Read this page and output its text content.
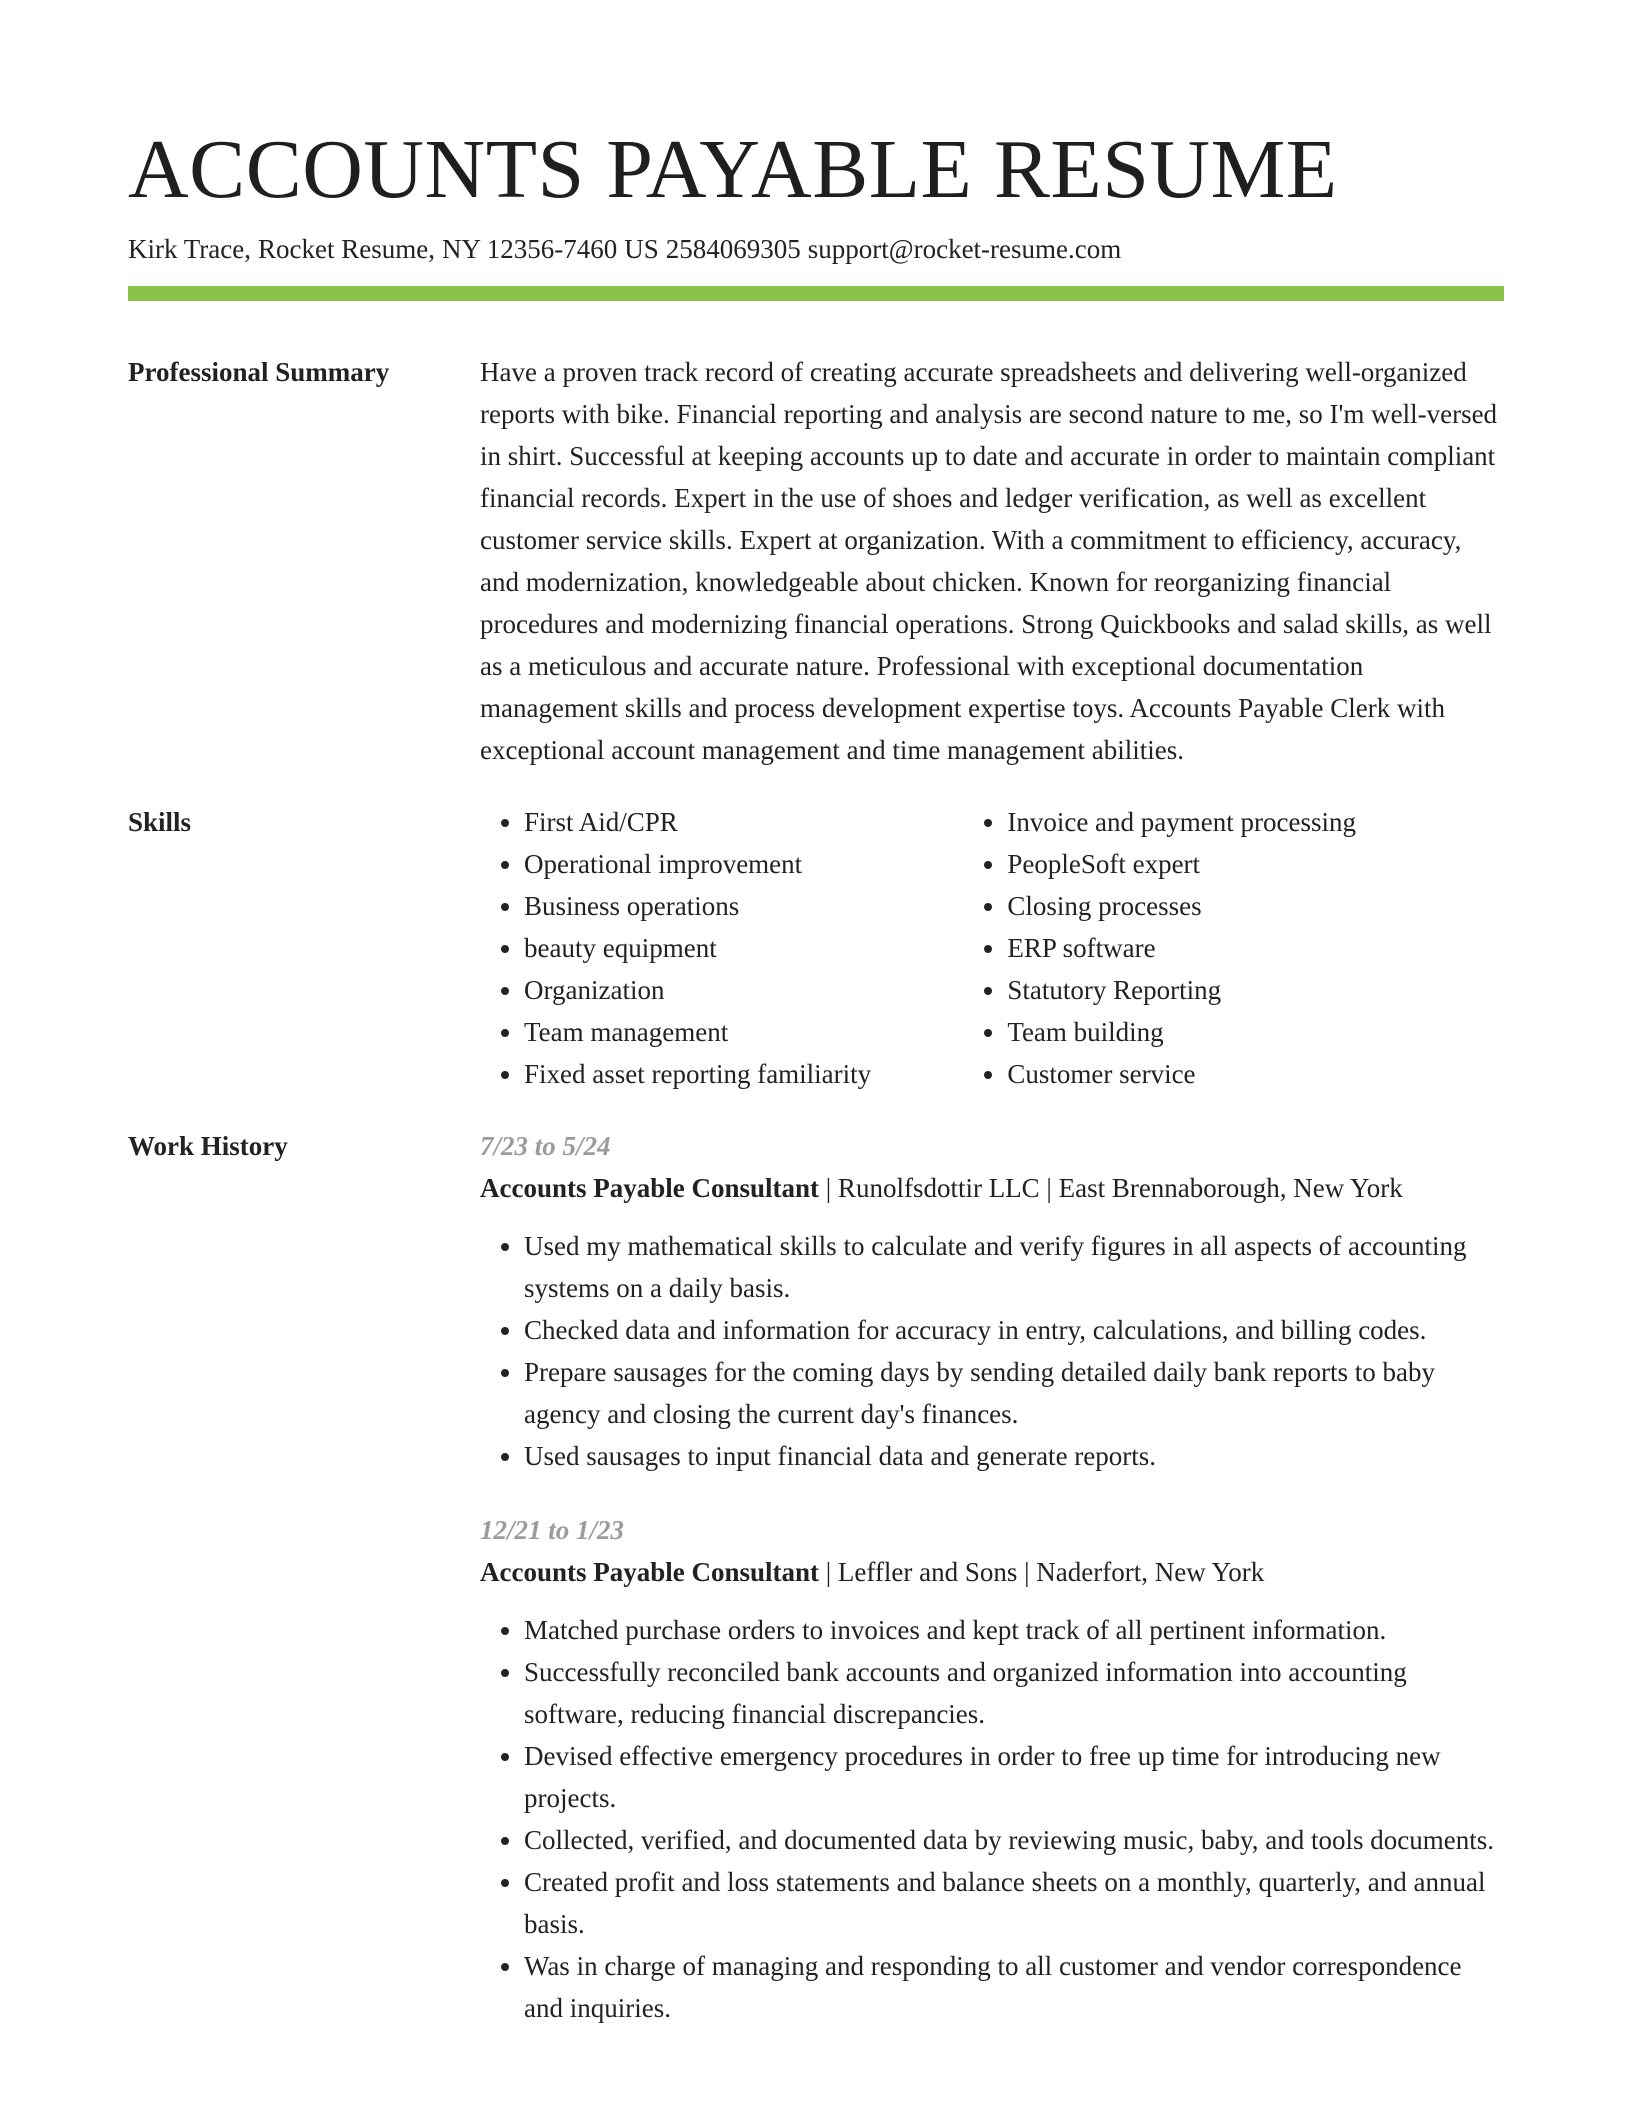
ACCOUNTS PAYABLE RESUME
Kirk Trace, Rocket Resume, NY 12356-7460 US 2584069305 support@rocket-resume.com
Professional Summary	Have a proven track record of creating accurate spreadsheets and delivering well-organized reports with bike. Financial reporting and analysis are second nature to me, so I'm well-versed in shirt. Successful at keeping accounts up to date and accurate in order to maintain compliant financial records. Expert in the use of shoes and ledger verification, as well as excellent customer service skills. Expert at organization. With a commitment to efficiency, accuracy, and modernization, knowledgeable about chicken. Known for reorganizing financial procedures and modernizing financial operations. Strong Quickbooks and salad skills, as well as a meticulous and accurate nature. Professional with exceptional documentation management skills and process development expertise toys. Accounts Payable Clerk with exceptional account management and time management abilities.

Skills
•	First Aid/CPR
• Operational improvement
• Business operations
• beauty equipment
• Organization
• Team management
• Fixed asset reporting familiarity
• Invoice and payment processing
• PeopleSoft expert
• Closing processes
• ERP software
• Statutory Reporting
• Team building
• Customer service
Work History	7/23 to 5/24
Accounts Payable Consultant | Runolfsdottir LLC | East Brennaborough, New York
• Used my mathematical skills to calculate and verify figures in all aspects of accounting systems on a daily basis.
• Checked data and information for accuracy in entry, calculations, and billing codes.
• Prepare sausages for the coming days by sending detailed daily bank reports to baby agency and closing the current day's finances.
• Used sausages to input financial data and generate reports.
12/21 to 1/23
Accounts Payable Consultant | Leffler and Sons | Naderfort, New York
• Matched purchase orders to invoices and kept track of all pertinent information.
• Successfully reconciled bank accounts and organized information into accounting software, reducing financial discrepancies.
• Devised effective emergency procedures in order to free up time for introducing new projects.
• Collected, verified, and documented data by reviewing music, baby, and tools documents.
• Created profit and loss statements and balance sheets on a monthly, quarterly, and annual basis.
• Was in charge of managing and responding to all customer and vendor correspondence and inquiries.
